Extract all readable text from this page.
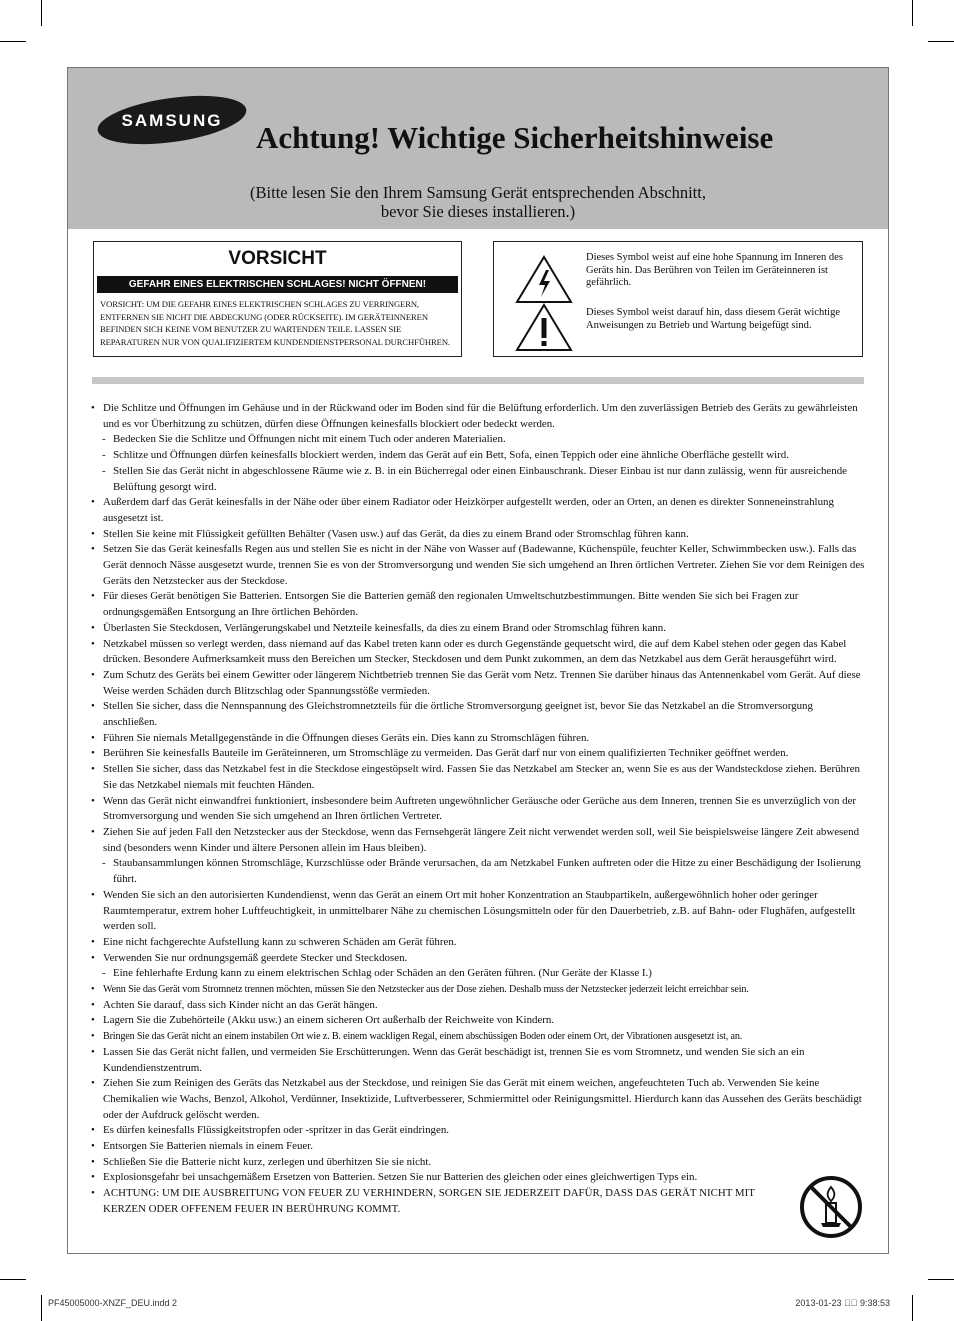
SAMSUNG Achtung! Wichtige Sicherheitshinweise
(Bitte lesen Sie den Ihrem Samsung Gerät entsprechenden Abschnitt,
bevor Sie dieses installieren.)
VORSICHT
GEFAHR EINES ELEKTRISCHEN SCHLAGES! NICHT ÖFFNEN!
VORSICHT: UM DIE GEFAHR EINES ELEKTRISCHEN SCHLAGES ZU VERRINGERN, ENTFERNEN SIE NICHT DIE ABDECKUNG (ODER RÜCKSEITE). IM GERÄTEINNEREN BEFINDEN SICH KEINE VOM BENUTZER ZU WARTENDEN TEILE. LASSEN SIE REPARATUREN NUR VON QUALIFIZIERTEM KUNDENDIENSTPERSONAL DURCHFÜHREN.
Dieses Symbol weist auf eine hohe Spannung im Inneren des Geräts hin. Das Berühren von Teilen im Geräteinneren ist gefährlich.
Dieses Symbol weist darauf hin, dass diesem Gerät wichtige Anweisungen zu Betrieb und Wartung beigefügt sind.
• Die Schlitze und Öffnungen im Gehäuse und in der Rückwand oder im Boden sind für die Belüftung erforderlich. Um den zuverlässigen Betrieb des Geräts zu gewährleisten und es vor Überhitzung zu schützen, dürfen diese Öffnungen keinesfalls blockiert oder bedeckt werden.
- Bedecken Sie die Schlitze und Öffnungen nicht mit einem Tuch oder anderen Materialien.
- Schlitze und Öffnungen dürfen keinesfalls blockiert werden, indem das Gerät auf ein Bett, Sofa, einen Teppich oder eine ähnliche Oberfläche gestellt wird.
- Stellen Sie das Gerät nicht in abgeschlossene Räume wie z. B. in ein Bücherregal oder einen Einbauschrank. Dieser Einbau ist nur dann zulässig, wenn für ausreichende Belüftung gesorgt wird.
• Außerdem darf das Gerät keinesfalls in der Nähe oder über einem Radiator oder Heizkörper aufgestellt werden, oder an Orten, an denen es direkter Sonneneinstrahlung ausgesetzt ist.
• Stellen Sie keine mit Flüssigkeit gefüllten Behälter (Vasen usw.) auf das Gerät, da dies zu einem Brand oder Stromschlag führen kann.
• Setzen Sie das Gerät keinesfalls Regen aus und stellen Sie es nicht in der Nähe von Wasser auf (Badewanne, Küchenspüle, feuchter Keller, Schwimmbecken usw.). Falls das Gerät dennoch Nässe ausgesetzt wurde, trennen Sie es von der Stromversorgung und wenden Sie sich umgehend an Ihren örtlichen Vertreter. Ziehen Sie vor dem Reinigen des Geräts den Netzstecker aus der Steckdose.
• Für dieses Gerät benötigen Sie Batterien. Entsorgen Sie die Batterien gemäß den regionalen Umweltschutzbestimmungen. Bitte wenden Sie sich bei Fragen zur ordnungsgemäßen Entsorgung an Ihre örtlichen Behörden.
• Überlasten Sie Steckdosen, Verlängerungskabel und Netzteile keinesfalls, da dies zu einem Brand oder Stromschlag führen kann.
• Netzkabel müssen so verlegt werden, dass niemand auf das Kabel treten kann oder es durch Gegenstände gequetscht wird, die auf dem Kabel stehen oder gegen das Kabel drücken. Besondere Aufmerksamkeit muss den Bereichen um Stecker, Steckdosen und dem Punkt zukommen, an dem das Netzkabel aus dem Gerät herausgeführt wird.
• Zum Schutz des Geräts bei einem Gewitter oder längerem Nichtbetrieb trennen Sie das Gerät vom Netz. Trennen Sie darüber hinaus das Antennenkabel vom Gerät. Auf diese Weise werden Schäden durch Blitzschlag oder Spannungsstöße vermieden.
• Stellen Sie sicher, dass die Nennspannung des Gleichstromnetzteils für die örtliche Stromversorgung geeignet ist, bevor Sie das Netzkabel an die Stromversorgung anschließen.
• Führen Sie niemals Metallgegenstände in die Öffnungen dieses Geräts ein. Dies kann zu Stromschlägen führen.
• Berühren Sie keinesfalls Bauteile im Geräteinneren, um Stromschläge zu vermeiden. Das Gerät darf nur von einem qualifizierten Techniker geöffnet werden.
• Stellen Sie sicher, dass das Netzkabel fest in die Steckdose eingestöpselt wird. Fassen Sie das Netzkabel am Stecker an, wenn Sie es aus der Wandsteckdose ziehen. Berühren Sie das Netzkabel niemals mit feuchten Händen.
• Wenn das Gerät nicht einwandfrei funktioniert, insbesondere beim Auftreten ungewöhnlicher Geräusche oder Gerüche aus dem Inneren, trennen Sie es unverzüglich von der Stromversorgung und wenden Sie sich umgehend an Ihren örtlichen Vertreter.
• Ziehen Sie auf jeden Fall den Netzstecker aus der Steckdose, wenn das Fernsehgerät längere Zeit nicht verwendet werden soll, weil Sie beispielsweise längere Zeit abwesend sind (besonders wenn Kinder und ältere Personen allein im Haus bleiben).
- Staubansammlungen können Stromschläge, Kurzschlüsse oder Brände verursachen, da am Netzkabel Funken auftreten oder die Hitze zu einer Beschädigung der Isolierung führt.
• Wenden Sie sich an den autorisierten Kundendienst, wenn das Gerät an einem Ort mit hoher Konzentration an Staubpartikeln, außergewöhnlich hoher oder geringer Raumtemperatur, extrem hoher Luftfeuchtigkeit, in unmittelbarer Nähe zu chemischen Lösungsmitteln oder für den Dauerbetrieb, z.B. auf Bahn- oder Flughäfen, aufgestellt werden soll.
• Eine nicht fachgerechte Aufstellung kann zu schweren Schäden am Gerät führen.
• Verwenden Sie nur ordnungsgemäß geerdete Stecker und Steckdosen.
- Eine fehlerhafte Erdung kann zu einem elektrischen Schlag oder Schäden an den Geräten führen. (Nur Geräte der Klasse I.)
• Wenn Sie das Gerät vom Stromnetz trennen möchten, müssen Sie den Netzstecker aus der Dose ziehen. Deshalb muss der Netzstecker jederzeit leicht erreichbar sein.
• Achten Sie darauf, dass sich Kinder nicht an das Gerät hängen.
• Lagern Sie die Zubehörteile (Akku usw.) an einem sicheren Ort außerhalb der Reichweite von Kindern.
• Bringen Sie das Gerät nicht an einem instabilen Ort wie z. B. einem wackligen Regal, einem abschüssigen Boden oder einem Ort, der Vibrationen ausgesetzt ist, an.
• Lassen Sie das Gerät nicht fallen, und vermeiden Sie Erschütterungen. Wenn das Gerät beschädigt ist, trennen Sie es vom Stromnetz, und wenden Sie sich an ein Kundendienstzentrum.
• Ziehen Sie zum Reinigen des Geräts das Netzkabel aus der Steckdose, und reinigen Sie das Gerät mit einem weichen, angefeuchteten Tuch ab. Verwenden Sie keine Chemikalien wie Wachs, Benzol, Alkohol, Verdünner, Insektizide, Luftverbesserer, Schmiermittel oder Reinigungsmittel. Hierdurch kann das Aussehen des Geräts beschädigt oder der Aufdruck gelöscht werden.
• Es dürfen keinesfalls Flüssigkeitstropfen oder -spritzer in das Gerät eindringen.
• Entsorgen Sie Batterien niemals in einem Feuer.
• Schließen Sie die Batterie nicht kurz, zerlegen und überhitzen Sie sie nicht.
• Explosionsgefahr bei unsachgemäßem Ersetzen von Batterien. Setzen Sie nur Batterien des gleichen oder eines gleichwertigen Typs ein.
• ACHTUNG: UM DIE AUSBREITUNG VON FEUER ZU VERHINDERN, SORGEN SIE JEDERZEIT DAFÜR, DASS DAS GERÄT NICHT MIT KERZEN ODER OFFENEM FEUER IN BERÜHRUNG KOMMT.
PF45005000-XNZF_DEU.indd 2	2013-01-23 ￿￿ 9:38:53
